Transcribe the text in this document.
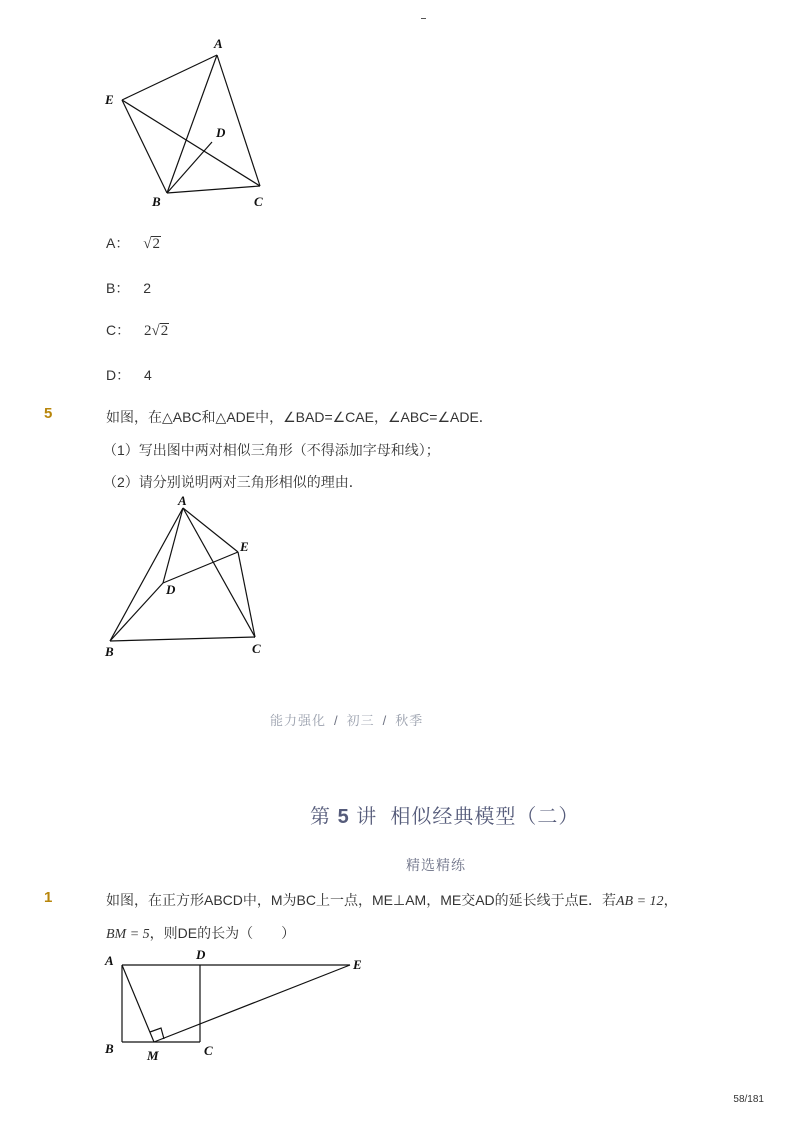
A
E
D
B	C
A： √2
B： 2
C： 2√2
D： 4
5	如图，在△ABC和△ADE中，∠BAD=∠CAE，∠ABC=∠ADE．
（1）写出图中两对相似三角形（不得添加字母和线）；
（2）请分别说明两对三角形相似的理由．
A
E
D
B	C
能力强化 / 初三 / 秋季
第 5 讲 相似经典模型（二）
精选精练
1	如图，在正方形ABCD中，M为BC上一点，ME⊥AM，ME交AD的延长线于点E．若AB = 12，
BM = 5，则DE的长为（　　）
A	D
E
B	M	C
58/181
